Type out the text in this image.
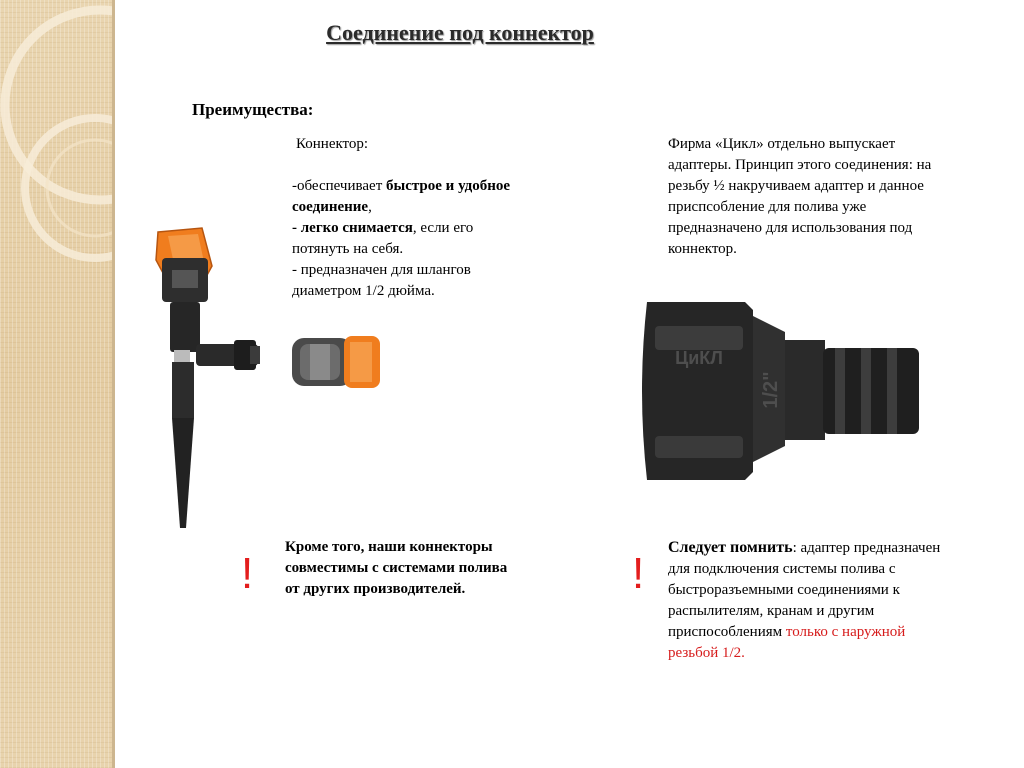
Соединение под коннектор
Преимущества:
Коннектор:
-обеспечивает быстрое и удобное соединение,
- легко снимается, если его потянуть на себя.
- предназначен для шлангов диаметром 1/2 дюйма.
Фирма «Цикл» отдельно выпускает адаптеры. Принцип этого соединения: на резьбу ½ накручиваем адаптер и данное приспсобление для полива уже предназначено для использования под коннектор.
ЦиКЛ
1/2"
!
Кроме того, наши коннекторы совместимы с системами полива от других производителей.	!
Следует помнить: адаптер предназначен для подключения системы полива с быстроразъемными соединениями к распылителям, кранам и другим приспособлениям только с наружной резьбой 1/2.
